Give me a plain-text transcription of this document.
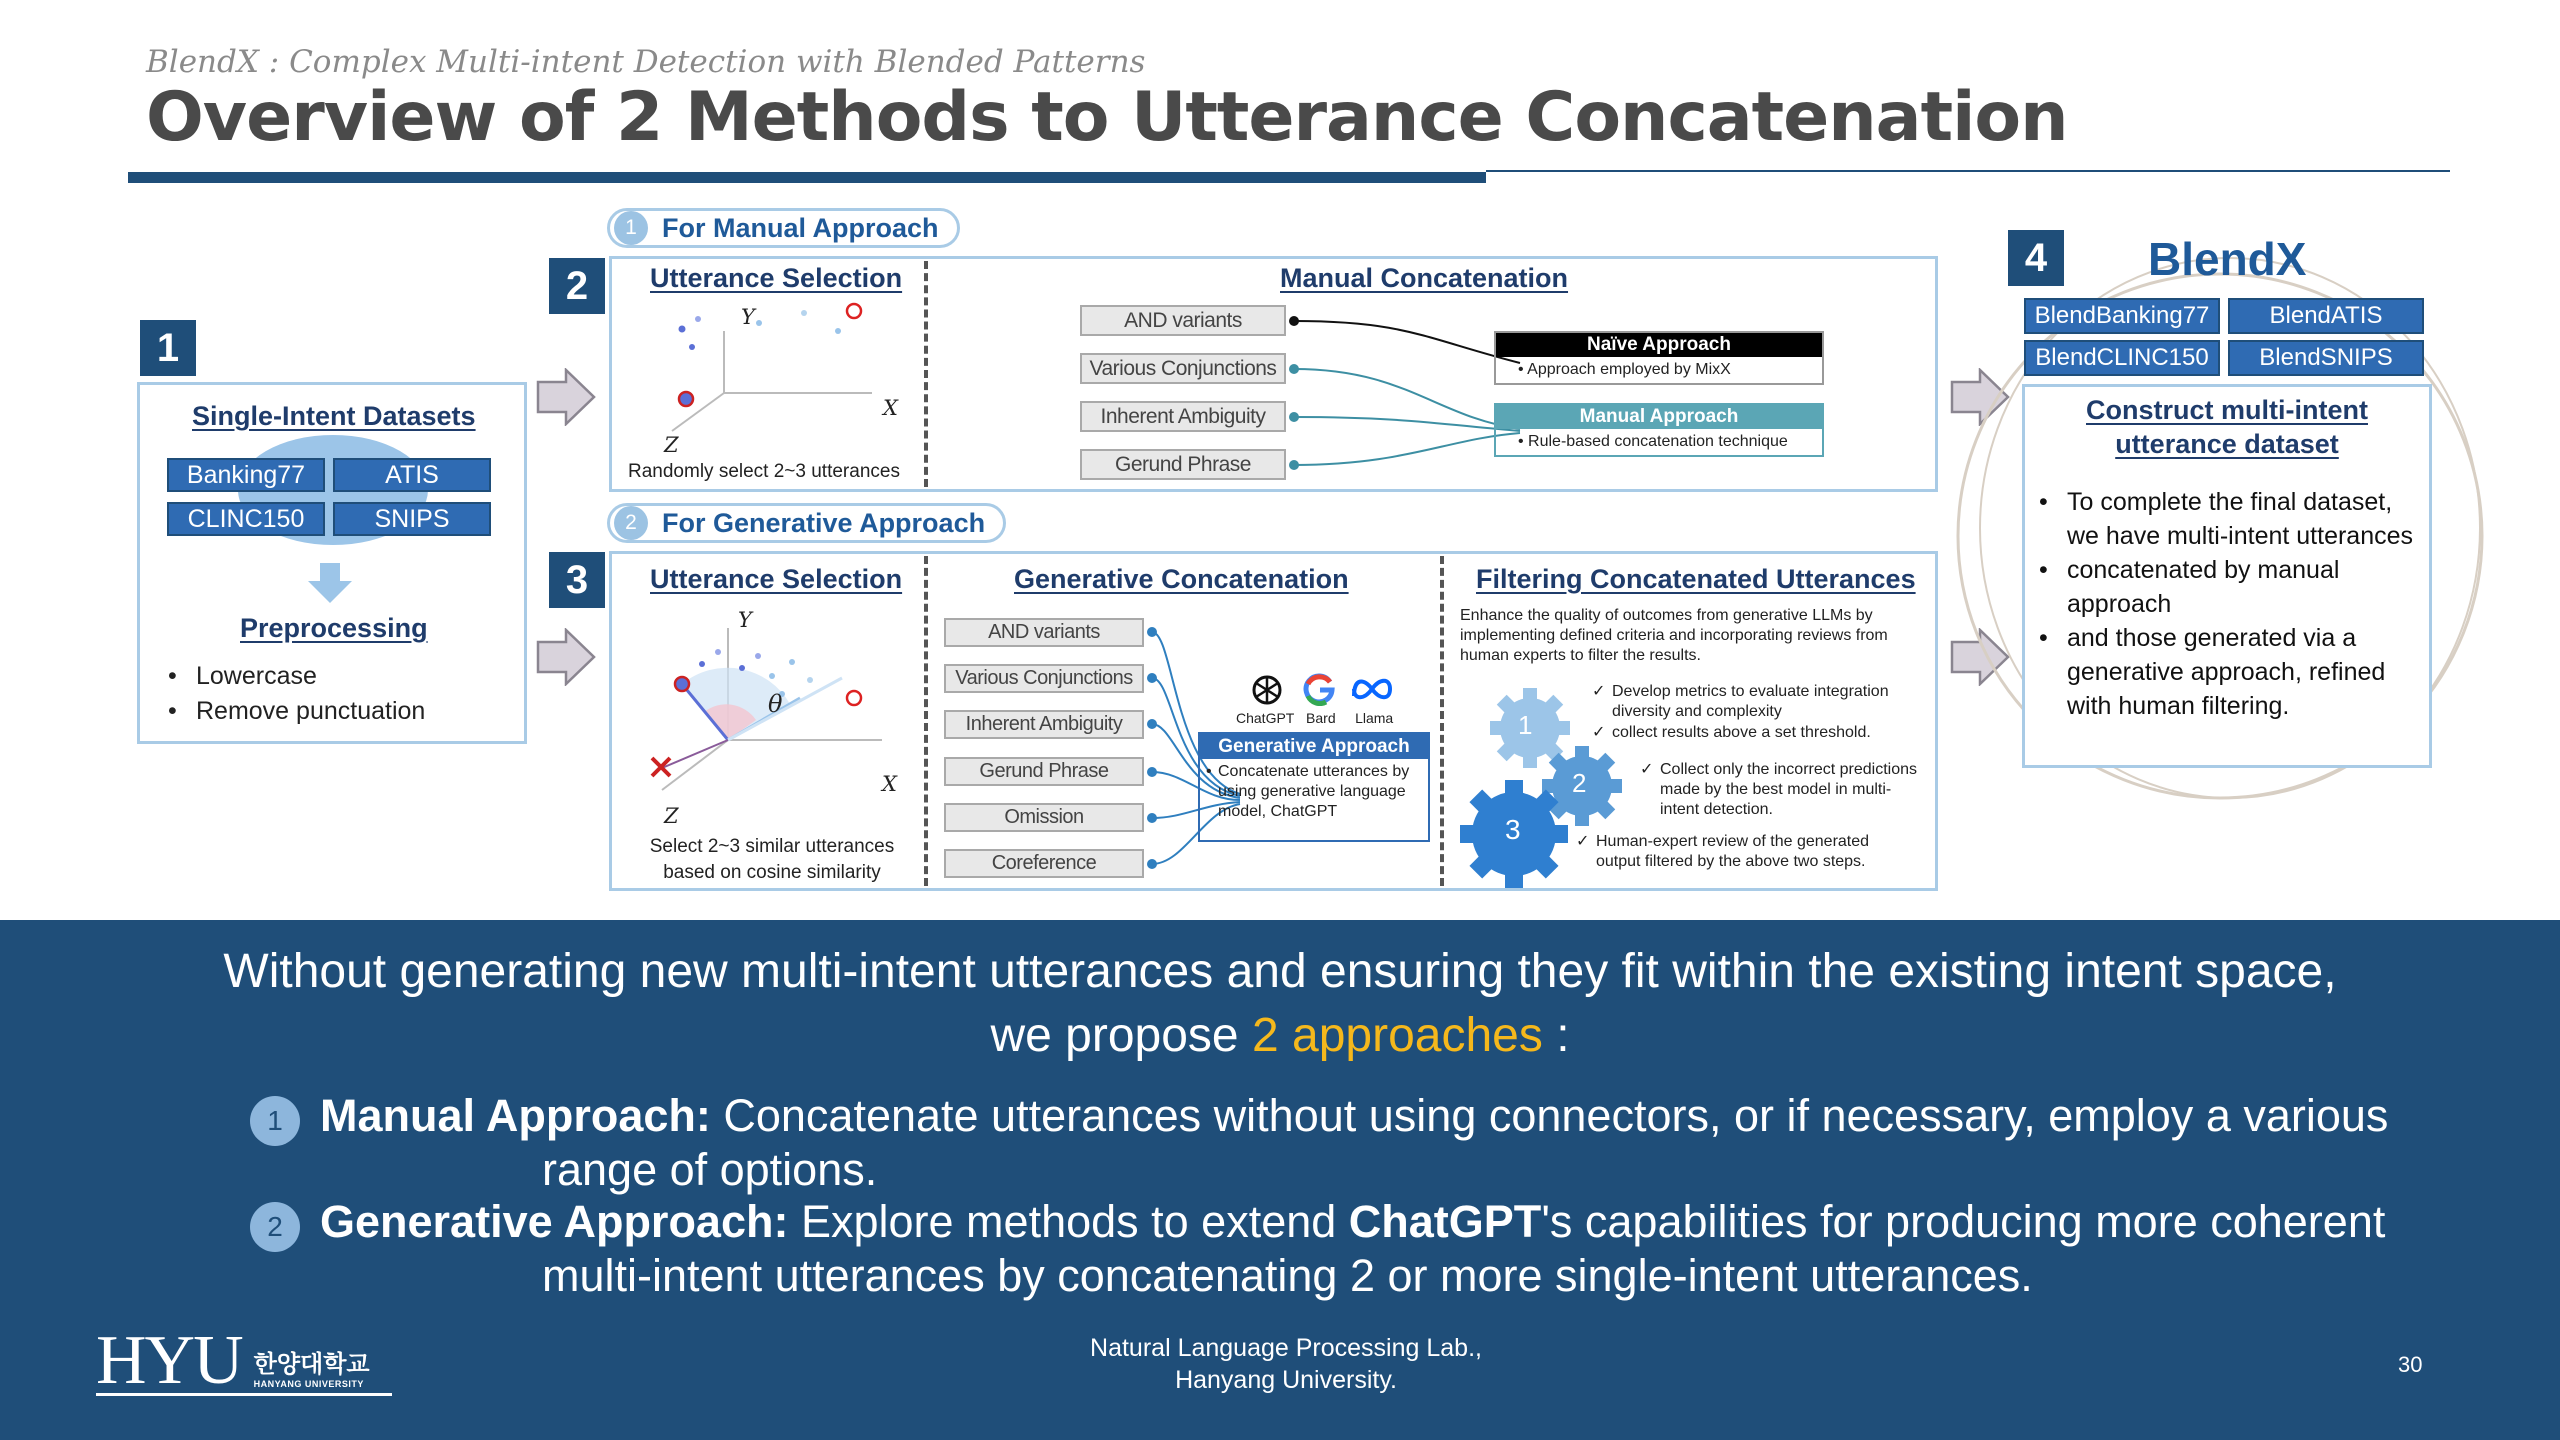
BlendX : Complex Multi-intent Detection with Blended Patterns
Overview of 2 Methods to Utterance Concatenation
1
Single-Intent Datasets
Banking77	ATIS
CLINC150	SNIPS
Preprocessing
• Lowercase
• Remove punctuation
1 For Manual Approach
2	Utterance Selection
Y
X
Z
Randomly select 2~3 utterances
Manual Concatenation
AND variants
Various Conjunctions
Inherent Ambiguity
Gerund Phrase
Naïve Approach
• Approach employed by MixX
Manual Approach
• Rule-based concatenation technique
2 For Generative Approach
3	Utterance Selection
Y
X
Z
θ
Select 2~3 similar utterances
based on cosine similarity
Generative Concatenation
AND variants
Various Conjunctions
Inherent Ambiguity
Gerund Phrase
Omission
Coreference
ChatGPT Bard Llama
Generative Approach
• Concatenate utterances by using generative language model, ChatGPT
Filtering Concatenated Utterances
Enhance the quality of outcomes from generative LLMs by implementing defined criteria and incorporating reviews from human experts to filter the results.
1
2
3
✓ Develop metrics to evaluate integration diversity and complexity
✓ collect results above a set threshold.
✓ Collect only the incorrect predictions made by the best model in multi-intent detection.
✓ Human-expert review of the generated output filtered by the above two steps.
4	BlendX
BlendBanking77	BlendATIS
BlendCLINC150	BlendSNIPS
Construct multi-intent
utterance dataset
• To complete the final dataset, we have multi-intent utterances
• concatenated by manual approach
• and those generated via a generative approach, refined with human filtering.
Without generating new multi-intent utterances and ensuring they fit within the existing intent space,
we propose 2 approaches :
1 Manual Approach: Concatenate utterances without using connectors, or if necessary, employ a various
range of options.
2 Generative Approach: Explore methods to extend ChatGPT's capabilities for producing more coherent
multi-intent utterances by concatenating 2 or more single-intent utterances.
HYU 한양대학교
HANYANG UNIVERSITY
Natural Language Processing Lab.,
Hanyang University.
30
